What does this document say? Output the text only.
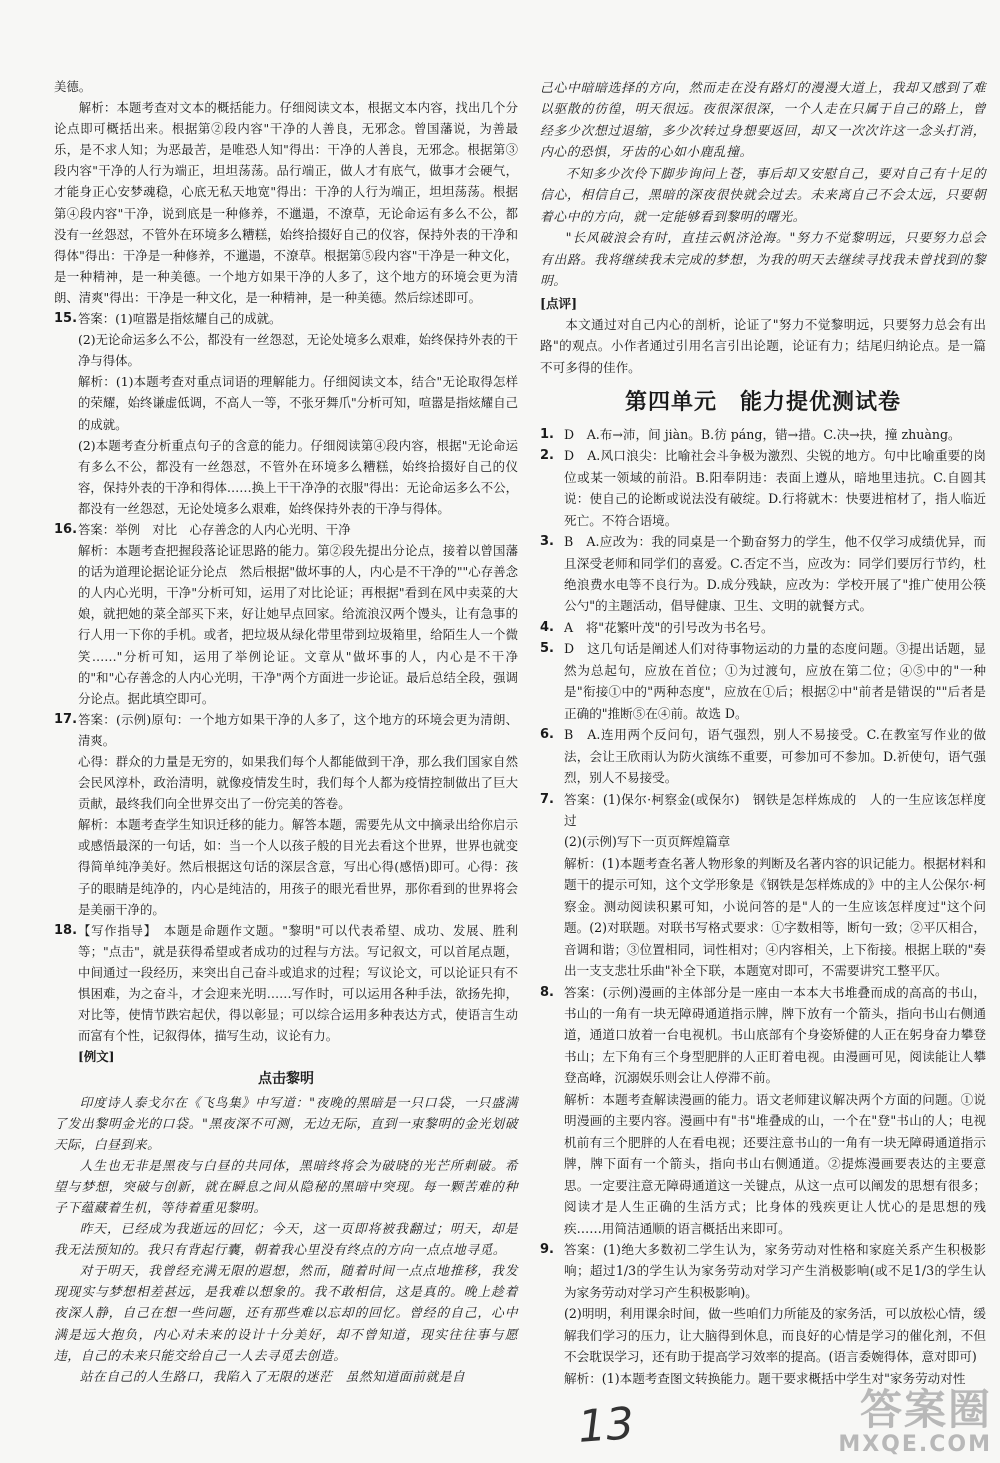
美德。

解析：本题考查对文本的概括能力。仔细阅读文本，根据文本内容，找出几个分论点即可概括出来。根据第②段内容"干净的人善良，无邪念。曾国藩说，为善最乐，是不求人知；为恶最苦，是唯恐人知"得出：干净的人善良，无邪念。根据第③段内容"干净的人行为端正，坦坦荡荡。品行端正，做人才有底气，做事才会硬气，才能身正心安梦魂稳，心底无私天地宽"得出：干净的人行为端正，坦坦荡荡。根据第④段内容"干净，说到底是一种修养，不邋遢，不潦草，无论命运有多么不公，都没有一丝怨怼，不管外在环境多么糟糕，始终拾掇好自己的仪容，保持外表的干净和得体"得出：干净是一种修养，不邋遢，不潦草。根据第⑤段内容"干净是一种文化，是一种精神，是一种美德。一个地方如果干净的人多了，这个地方的环境会更为清朗、清爽"得出：干净是一种文化，是一种精神，是一种美德。然后综述即可。

15. 答案：(1)喧嚣是指炫耀自己的成就。

(2)无论命运多么不公，都没有一丝怨怼，无论处境多么艰难，始终保持外表的干净与得体。

解析：(1)本题考查对重点词语的理解能力。仔细阅读文本，结合"无论取得怎样的荣耀，始终谦虚低调，不高人一等，不张牙舞爪"分析可知，喧嚣是指炫耀自己的成就。

(2)本题考查分析重点句子的含意的能力。仔细阅读第④段内容，根据"无论命运有多么不公，都没有一丝怨怼，不管外在环境多么糟糕，始终拾掇好自己的仪容，保持外表的干净和得体……换上干干净净的衣服"得出：无论命运多么不公，都没有一丝怨怼，无论处境多么艰难，始终保持外表的干净与得体。

16. 答案：举例　对比　心存善念的人内心光明、干净

解析：本题考查把握段落论证思路的能力。第②段先提出分论点，接着以曾国藩的话为道理论据论证分论点　然后根据"做坏事的人，内心是不干净的""心存善念的人内心光明，干净"分析可知，运用了对比论证；再根据"看到在风中卖菜的大娘，就把她的菜全部买下来，好让她早点回家。给流浪汉两个馒头，让有急事的行人用一下你的手机。或者，把垃圾从绿化带里带到垃圾箱里，给陌生人一个微笑……"分析可知，运用了举例论证。文章从"做坏事的人，内心是不干净的"和"心存善念的人内心光明，干净"两个方面进一步论证。最后总结全段，强调分论点。据此填空即可。

17. 答案：(示例)原句：一个地方如果干净的人多了，这个地方的环境会更为清朗、清爽。

心得：群众的力量是无穷的，如果我们每个人都能做到干净，那么我们国家自然会民风淳朴，政治清明，就像疫情发生时，我们每个人都为疫情控制做出了巨大贡献，最终我们向全世界交出了一份完美的答卷。

解析：本题考查学生知识迁移的能力。解答本题，需要先从文中摘录出给你启示或感悟最深的一句话，如：当一个人以孩子般的目光去看这个世界，世界也就变得简单纯净美好。然后根据这句话的深层含意，写出心得(感悟)即可。心得：孩子的眼睛是纯净的，内心是纯洁的，用孩子的眼光看世界，那你看到的世界将会是美丽干净的。

18. 【写作指导】　本题是命题作文题。"黎明"可以代表希望、成功、发展、胜利等；"点击"，就是获得希望或者成功的过程与方法。写记叙文，可以首尾点题，中间通过一段经历，来突出自己奋斗或追求的过程；写议论文，可以论证只有不惧困难，为之奋斗，才会迎来光明……写作时，可以运用各种手法，欲扬先抑，对比等，使情节跌宕起伏，得以彰显；可以综合运用多种表达方式，使语言生动而富有个性，记叙得体，描写生动，议论有力。

[例文]

点击黎明

印度诗人泰戈尔在《飞鸟集》中写道："夜晚的黑暗是一只口袋，一只盛满了发出黎明金光的口袋。"黑夜深不可测，无边无际，直到一束黎明的金光划破天际，白昼到来。

人生也无非是黑夜与白昼的共同体，黑暗终将会为破晓的光芒所刺破。希望与梦想，突破与创新，就在瞬息之间从隐秘的黑暗中突现。每一颗苦难的种子下蕴藏着生机，等待着重见黎明。

昨天，已经成为我逝远的回忆；今天，这一页即将被我翻过；明天，却是我无法预知的。我只有背起行囊，朝着我心里没有终点的方向一点点地寻觅。

对于明天，我曾经充满无限的遐想，然而，随着时间一点点地推移，我发现现实与梦想相差甚远，是我难以想象的。我不敢相信，这是真的。晚上趁着夜深人静，自己在想一些问题，还有那些难以忘却的回忆。曾经的自己，心中满是远大抱负，内心对未来的设计十分美好，却不曾知道，现实往往事与愿违，自己的未来只能交给自己一人去寻觅去创造。

站在自己的人生路口，我陷入了无限的迷茫　虽然知道面前就是自

己心中暗暗选择的方向，然而走在没有路灯的漫漫大道上，我却又感到了难以驱散的彷徨，明天很远。夜很深很深，一个人走在只属于自己的路上，曾经多少次想过退缩，多少次转过身想要返回，却又一次次许这一念头打消，内心的恐惧，牙齿的心如小鹿乱撞。

不知多少次伶下脚步询问上苍，事后却又安慰自己，要对自己有十足的信心，相信自己，黑暗的深夜很快就会过去。未来离自己不会太远，只要朝着心中的方向，就一定能够看到黎明的曙光。

"长风破浪会有时，直挂云帆济沧海。"努力不觉黎明远，只要努力总会有出路。我将继续我未完成的梦想，为我的明天去继续寻找我未曾找到的黎明。

[点评]

本文通过对自己内心的剖析，论证了"努力不觉黎明远，只要努力总会有出路"的观点。小作者通过引用名言引出论题，论证有力；结尾归纳论点。是一篇不可多得的佳作。

第四单元　能力提优测试卷

1. D　A.布→沛，间 jiàn。B.彷 páng，错→措。C.决→抉，撞 zhuàng。

2. D　A.风口浪尖：比喻社会斗争极为激烈、尖锐的地方。句中比喻重要的岗位或某一领域的前沿。B.阳奉阴违：表面上遵从，暗地里违抗。C.自圆其说：使自己的论断或说法没有破绽。D.行将就木：快要进棺材了，指人临近死亡。不符合语境。

3. B　A.应改为：我的同桌是一个勤奋努力的学生，他不仅学习成绩优异，而且深受老师和同学们的喜爱。C.否定不当，应改为：同学们要厉行节约，杜绝浪费水电等不良行为。D.成分残缺，应改为：学校开展了"推广使用公筷公勺"的主题活动，倡导健康、卫生、文明的就餐方式。

4. A　将"花繁叶茂"的引号改为书名号。

5. D　这几句话是阐述人们对待事物运动的力量的态度问题。③提出话题，显然为总起句，应放在首位；①为过渡句，应放在第二位；④⑤中的"一种是"衔接①中的"两种态度"，应放在①后；根据②中"前者是错误的""后者是正确的"推断⑤在④前。故选 D。

6. B　A.连用两个反问句，语气强烈，别人不易接受。C.在教室写作业的做法，会让王欣雨认为防火演练不重要，可参加可不参加。D.祈使句，语气强烈，别人不易接受。

7. 答案：(1)保尔·柯察金(或保尔)　钢铁是怎样炼成的　人的一生应该怎样度过

(2)(示例)写下一页页辉煌篇章

解析：(1)本题考查名著人物形象的判断及名著内容的识记能力。根据材料和题干的提示可知，这个文学形象是《钢铁是怎样炼成的》中的主人公保尔·柯察金。测动阅读积累可知，小说问答的是"人的一生应该怎样度过"这个问题。(2)对联题。对联书写格式要求：①字数相等，断句一致；②平仄相合，音调和谐；③位置相同，词性相对；④内容相关，上下衔接。根据上联的"奏出一支支悲壮乐曲"补全下联，本题宽对即可，不需要讲究工整平仄。

8. 答案：(示例)漫画的主体部分是一座由一本本大书堆叠而成的高高的书山，书山的一角有一块无障碍通道指示牌，牌下放有一个箭头，指向书山右侧通道，通道口放着一台电视机。书山底部有个身姿矫健的人正在躬身奋力攀登书山；左下角有三个身型肥胖的人正盯着电视。由漫画可见，阅读能让人攀登高峰，沉溺娱乐则会让人停滞不前。

解析：本题考查解读漫画的能力。语文老师建议解决两个方面的问题。①说明漫画的主要内容。漫画中有"书"堆叠成的山，一个在"登"书山的人；电视机前有三个肥胖的人在看电视；还要注意书山的一角有一块无障碍通道指示牌，牌下面有一个箭头，指向书山右侧通道。②提炼漫画要表达的主要意思。一定要注意无障碍通道这一关键点，从这一点可以阐发的思想有很多；阅读才是人生正确的生活方式；比身体的残疾更让人忧心的是思想的残疾……用简洁通顺的语言概括出来即可。

9. 答案：(1)绝大多数初二学生认为，家务劳动对性格和家庭关系产生积极影响；超过1/3的学生认为家务劳动对学习产生消极影响(或不足1/3的学生认为家务劳动对学习产生积极影响)。

(2)明明，利用课余时间，做一些咱们力所能及的家务活，可以放松心情，缓解我们学习的压力，让大脑得到休息，而良好的心情是学习的催化剂，不但不会耽误学习，还有助于提高学习效率的提高。(语言委婉得体，意对即可)

解析：(1)本题考查图文转换能力。题干要求概括中学生对"家务劳动对性

13	答案圈
MXQE.COM
